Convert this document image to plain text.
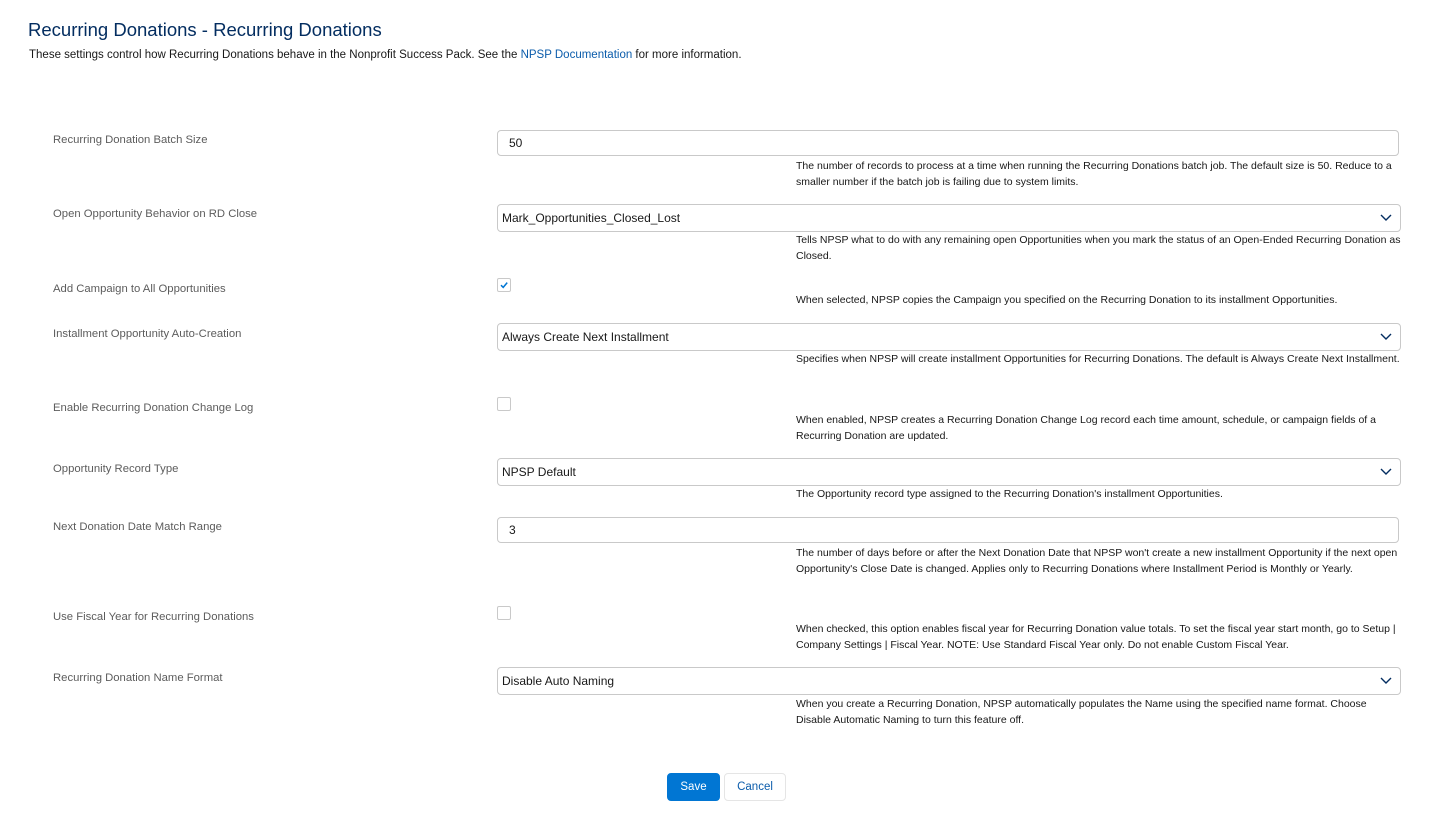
Recurring Donations - Recurring Donations
These settings control how Recurring Donations behave in the Nonprofit Success Pack. See the NPSP Documentation for more information.
Recurring Donation Batch Size	50
The number of records to process at a time when running the Recurring Donations batch job. The default size is 50. Reduce to a smaller number if the batch job is failing due to system limits.
Open Opportunity Behavior on RD Close	Mark_Opportunities_Closed_Lost
Tells NPSP what to do with any remaining open Opportunities when you mark the status of an Open-Ended Recurring Donation as Closed.
Add Campaign to All Opportunities
When selected, NPSP copies the Campaign you specified on the Recurring Donation to its installment Opportunities.
Installment Opportunity Auto-Creation	Always Create Next Installment
Specifies when NPSP will create installment Opportunities for Recurring Donations. The default is Always Create Next Installment.
Enable Recurring Donation Change Log
When enabled, NPSP creates a Recurring Donation Change Log record each time amount, schedule, or campaign fields of a Recurring Donation are updated.
Opportunity Record Type	NPSP Default
The Opportunity record type assigned to the Recurring Donation's installment Opportunities.
Next Donation Date Match Range	3
The number of days before or after the Next Donation Date that NPSP won't create a new installment Opportunity if the next open Opportunity's Close Date is changed. Applies only to Recurring Donations where Installment Period is Monthly or Yearly.
Use Fiscal Year for Recurring Donations
When checked, this option enables fiscal year for Recurring Donation value totals. To set the fiscal year start month, go to Setup | Company Settings | Fiscal Year. NOTE: Use Standard Fiscal Year only. Do not enable Custom Fiscal Year.
Recurring Donation Name Format	Disable Auto Naming
When you create a Recurring Donation, NPSP automatically populates the Name using the specified name format. Choose Disable Automatic Naming to turn this feature off.
Save	Cancel
